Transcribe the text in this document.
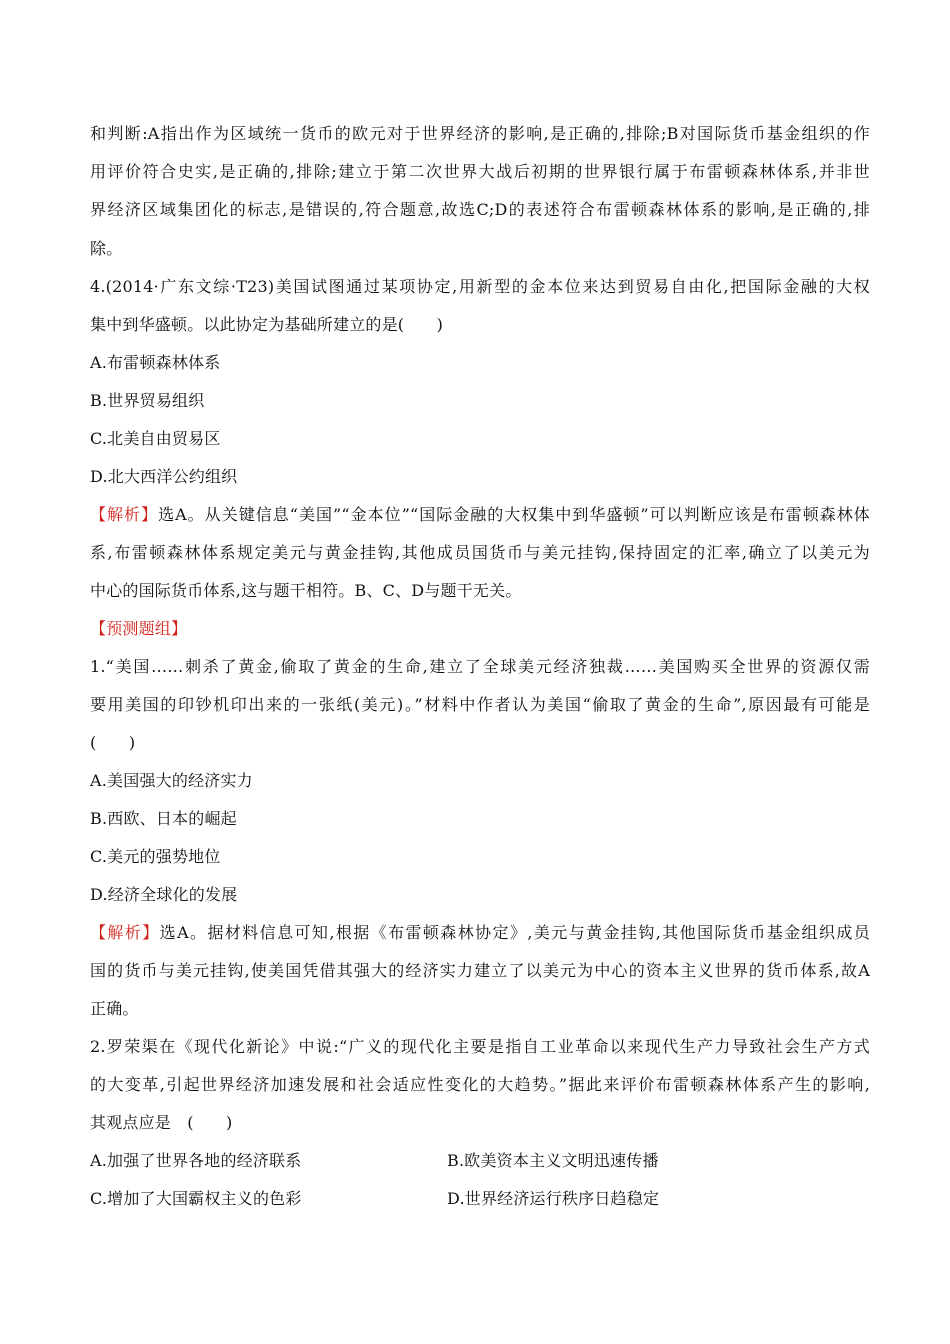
和判断:A指出作为区域统一货币的欧元对于世界经济的影响,是正确的,排除;B对国际货币基金组织的作
用评价符合史实,是正确的,排除;建立于第二次世界大战后初期的世界银行属于布雷顿森林体系,并非世
界经济区域集团化的标志,是错误的,符合题意,故选C;D的表述符合布雷顿森林体系的影响,是正确的,排
除。
4.(2014·广东文综·T23)美国试图通过某项协定,用新型的金本位来达到贸易自由化,把国际金融的大权
集中到华盛顿。以此协定为基础所建立的是(　　)
A.布雷顿森林体系
B.世界贸易组织
C.北美自由贸易区
D.北大西洋公约组织
【解析】选A。从关键信息“美国”“金本位”“国际金融的大权集中到华盛顿”可以判断应该是布雷顿森林体
系,布雷顿森林体系规定美元与黄金挂钩,其他成员国货币与美元挂钩,保持固定的汇率,确立了以美元为
中心的国际货币体系,这与题干相符。B、C、D与题干无关。
【预测题组】
1.“美国……刺杀了黄金,偷取了黄金的生命,建立了全球美元经济独裁……美国购买全世界的资源仅需
要用美国的印钞机印出来的一张纸(美元)。”材料中作者认为美国“偷取了黄金的生命”,原因最有可能是
(　　)
A.美国强大的经济实力
B.西欧、日本的崛起
C.美元的强势地位
D.经济全球化的发展
【解析】选A。据材料信息可知,根据《布雷顿森林协定》,美元与黄金挂钩,其他国际货币基金组织成员
国的货币与美元挂钩,使美国凭借其强大的经济实力建立了以美元为中心的资本主义世界的货币体系,故A
正确。
2.罗荣渠在《现代化新论》中说:“广义的现代化主要是指自工业革命以来现代生产力导致社会生产方式
的大变革,引起世界经济加速发展和社会适应性变化的大趋势。”据此来评价布雷顿森林体系产生的影响,
其观点应是　(　　)
A.加强了世界各地的经济联系	B.欧美资本主义文明迅速传播
C.增加了大国霸权主义的色彩	D.世界经济运行秩序日趋稳定
